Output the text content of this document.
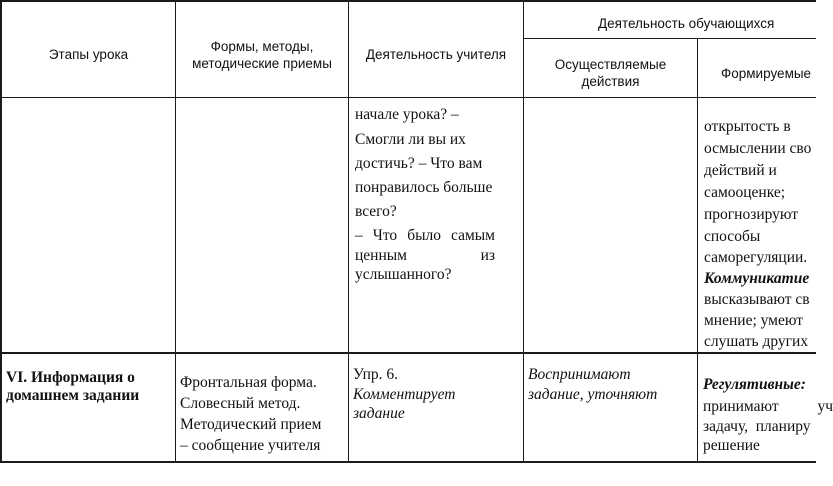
Этапы урока
Формы, методы,
методические приемы
Деятельность учителя
Деятельность обучающихся
Осуществляемые
действия
Формируемые
начале урока? –
Смогли ли вы их
достичь? – Что вам
понравилось больше
всего?
– Что было самым
ценным	из
услышанного?
открытость в
осмыслении сво
действий и
самооценке;
прогнозируют
способы
саморегуляции.
Коммуникатие
высказывают св
мнение; умеют
слушать других
VI. Информация о
домашнем задании
Фронтальная форма.
Словесный метод.
Методический прием
– сообщение учителя
Упр. 6.
Комментирует
задание
Воспринимают
задание, уточняют
Регулятивные:
принимают	уч
задачу,  планиру
решение
